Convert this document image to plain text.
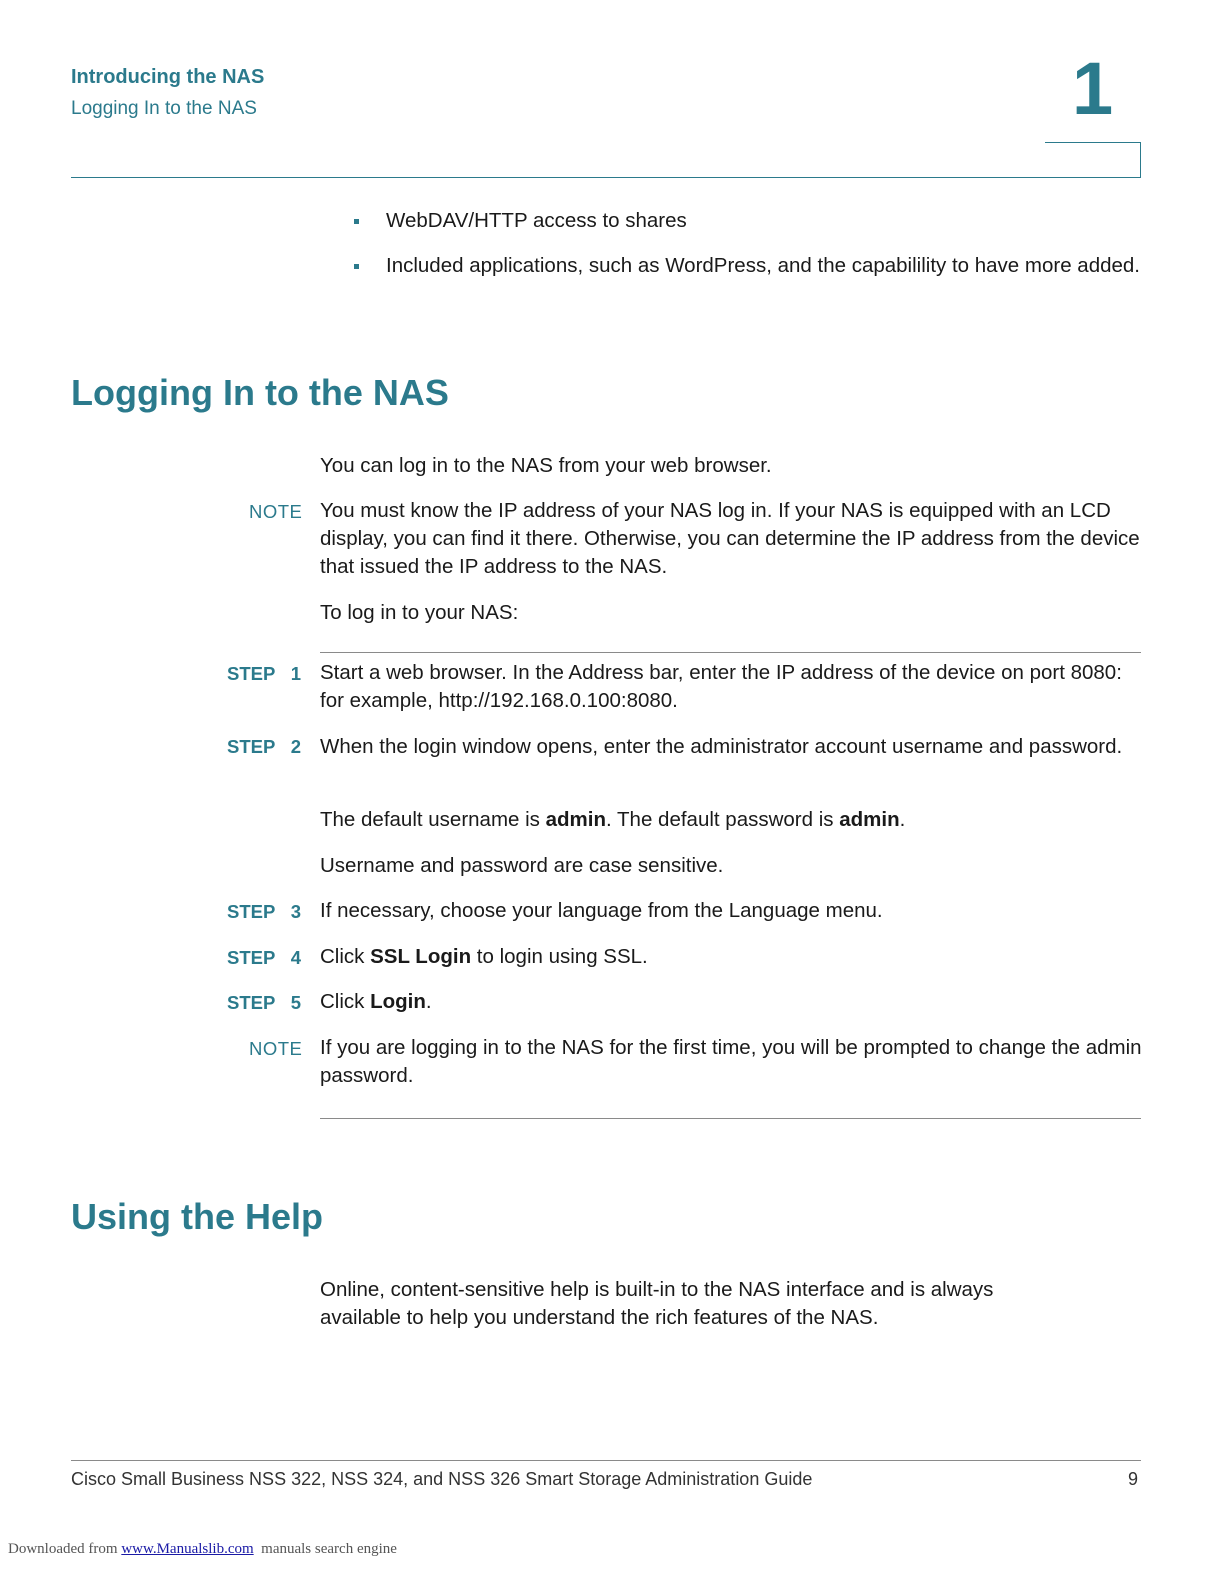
Introducing the NAS
Logging In to the NAS	1
WebDAV/HTTP access to shares
Included applications, such as WordPress, and the capabilility to have more added.
Logging In to the NAS
You can log in to the NAS from your web browser.
NOTE You must know the IP address of your NAS log in. If your NAS is equipped with an LCD display, you can find it there. Otherwise, you can determine the IP address from the device that issued the IP address to the NAS.
To log in to your NAS:
STEP 1 Start a web browser. In the Address bar, enter the IP address of the device on port 8080: for example, http://192.168.0.100:8080.
STEP 2 When the login window opens, enter the administrator account username and password.
The default username is admin. The default password is admin.
Username and password are case sensitive.
STEP 3 If necessary, choose your language from the Language menu.
STEP 4 Click SSL Login to login using SSL.
STEP 5 Click Login.
NOTE If you are logging in to the NAS for the first time, you will be prompted to change the admin password.
Using the Help
Online, content-sensitive help is built-in to the NAS interface and is always available to help you understand the rich features of the NAS.
Cisco Small Business NSS 322, NSS 324, and NSS 326 Smart Storage Administration Guide	9
Downloaded from www.Manualslib.com  manuals search engine
